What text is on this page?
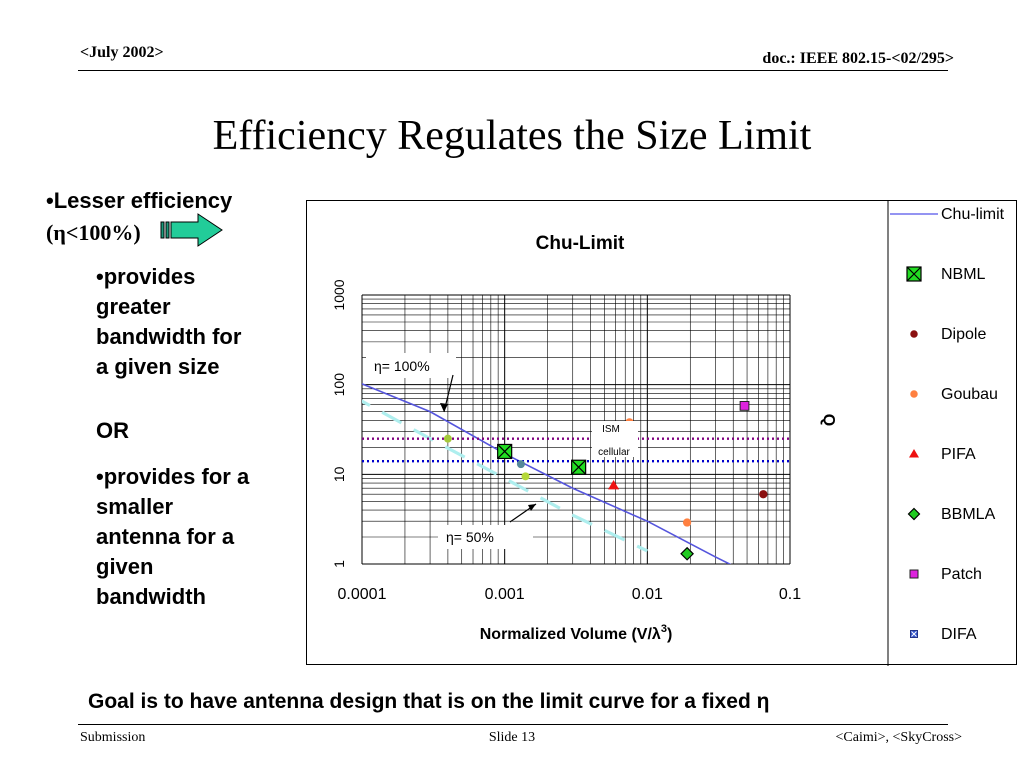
<July 2002>	doc.: IEEE 802.15-<02/295>
Efficiency Regulates the Size Limit
•Lesser efficiency
(η<100%)
•provides
greater
bandwidth for
a given size
OR
•provides for a
smaller
antenna for a
given
bandwidth	0.0001	0.001	0.01	0.1
1
10
100
1000
Chu-limit
NBML
Dipole
Goubau
PIFA
BBMLA
Patch
DIFA
Chu-Limit
Q
Normalized Volume $(V/\lambda^3)$
η= 100%
η= 50%
ISM
cellular
Goal is to have antenna design that is on the limit curve for a fixed η
Submission	Slide 13	<Caimi>, <SkyCross>
